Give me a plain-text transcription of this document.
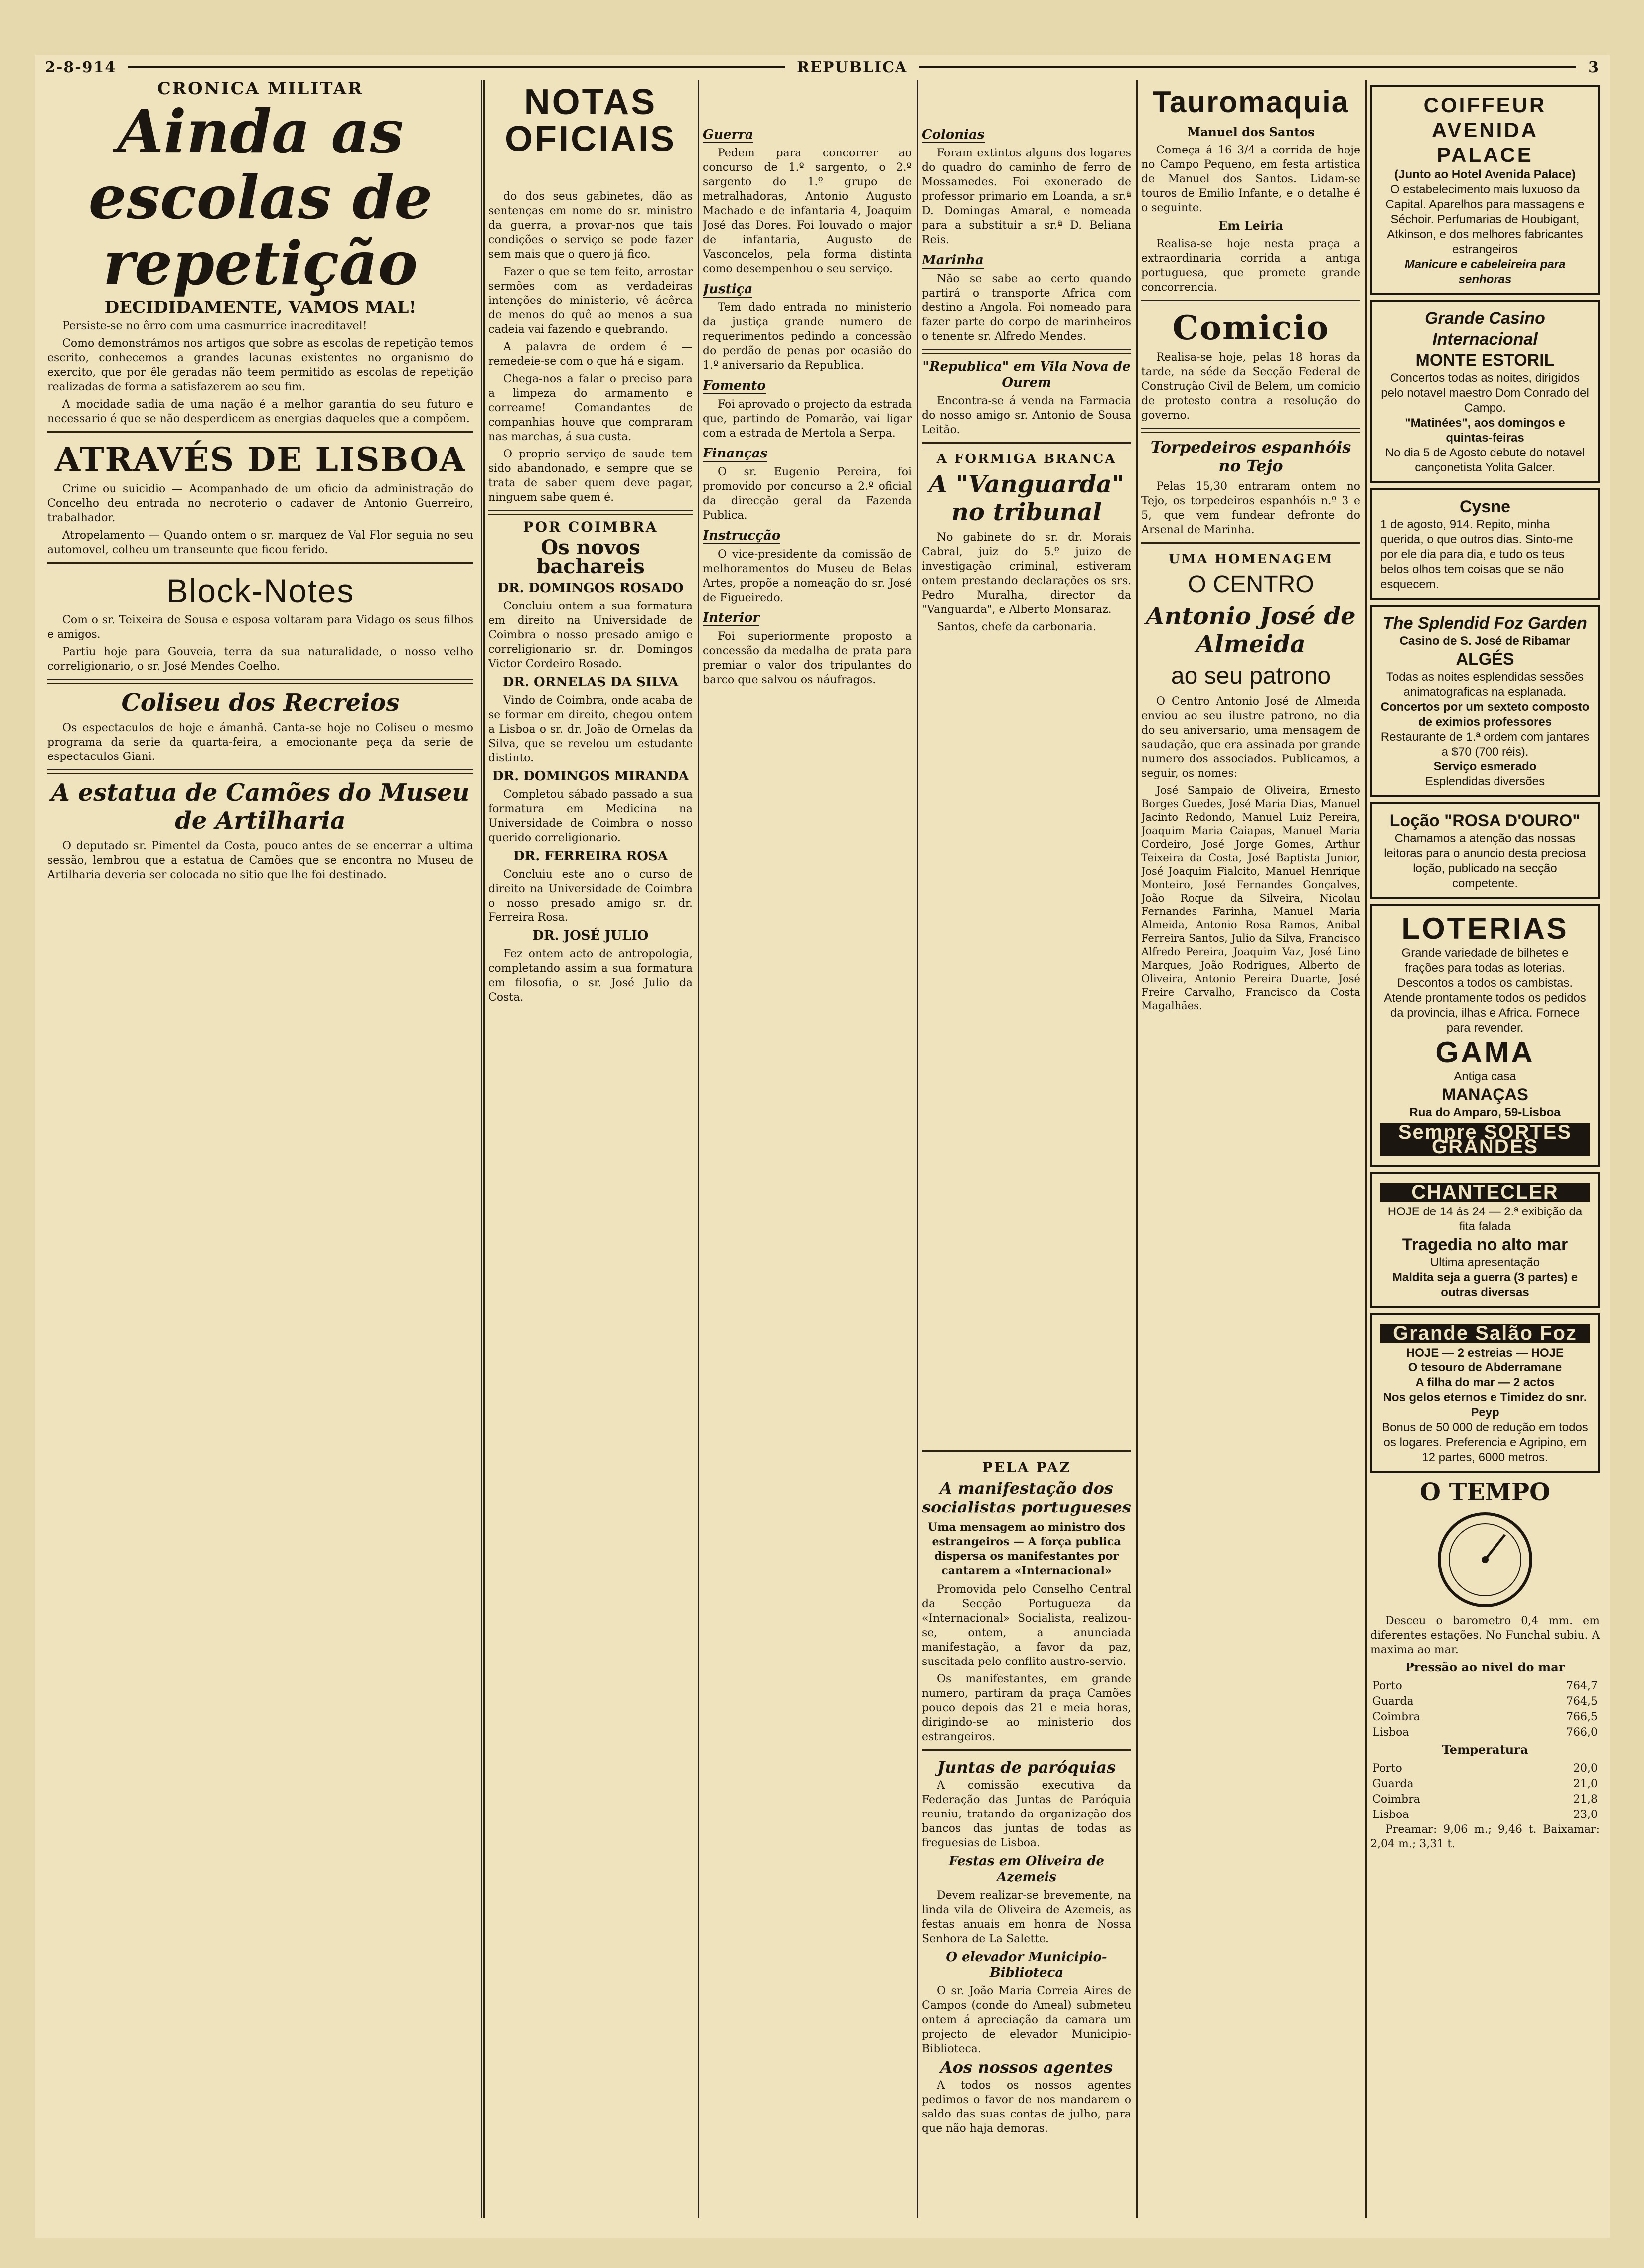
2-8-914	REPUBLICA	3
CRONICA MILITAR
Ainda as escolas de repetição
DECIDIDAMENTE, VAMOS MAL!

Persiste-se no êrro com uma casmurrice inacreditavel!

Como demonstrámos nos artigos que sobre as escolas de repetição temos escrito, conhecemos a grandes lacunas existentes no organismo do exercito, que por êle geradas não teem permitido as escolas de repetição realizadas de forma a satisfazerem ao seu fim.

A mocidade sadia de uma nação é a melhor garantia do seu futuro e necessario é que se não desperdicem as energias daqueles que a compõem.

ATRAVÉS DE LISBOA

Crime ou suicidio — Acompanhado de um oficio da administração do Concelho deu entrada no necroterio o cadaver de Antonio Guerreiro, trabalhador.

Atropelamento — Quando ontem o sr. marquez de Val Flor seguia no seu automovel, colheu um transeunte que ficou ferido.

Block-Notes

Com o sr. Teixeira de Sousa e esposa voltaram para Vidago os seus filhos e amigos.

Partiu hoje para Gouveia, terra da sua naturalidade, o nosso velho correligionario, o sr. José Mendes Coelho.

Coliseu dos Recreios

Os espectaculos de hoje e ámanhã. Canta-se hoje no Coliseu o mesmo programa da serie da quarta-feira, a emocionante peça da serie de espectaculos Giani.

A estatua de Camões do Museu de Artilharia

O deputado sr. Pimentel da Costa, pouco antes de se encerrar a ultima sessão, lembrou que a estatua de Camões que se encontra no Museu de Artilharia deveria ser colocada no sitio que lhe foi destinado.

do dos seus gabinetes, dão as sentenças em nome do sr. ministro da guerra, a provar-nos que tais condições o serviço se pode fazer sem mais que o quero já fico.

Fazer o que se tem feito, arrostar sermões com as verdadeiras intenções do ministerio, vê ácêrca de menos do quê ao menos a sua cadeia vai fazendo e quebrando.

A palavra de ordem é — remedeie-se com o que há e sigam.

Chega-nos a falar o preciso para a limpeza do armamento e correame! Comandantes de companhias houve que compraram nas marchas, á sua custa.

O proprio serviço de saude tem sido abandonado, e sempre que se trata de saber quem deve pagar, ninguem sabe quem é.

POR COIMBRA
Os novos bachareis
DR. DOMINGOS ROSADO

Concluiu ontem a sua formatura em direito na Universidade de Coimbra o nosso presado amigo e correligionario sr. dr. Domingos Victor Cordeiro Rosado.

DR. ORNELAS DA SILVA

Vindo de Coimbra, onde acaba de se formar em direito, chegou ontem a Lisboa o sr. dr. João de Ornelas da Silva, que se revelou um estudante distinto.

DR. DOMINGOS MIRANDA

Completou sábado passado a sua formatura em Medicina na Universidade de Coimbra o nosso querido correligionario.

DR. FERREIRA ROSA

Concluiu este ano o curso de direito na Universidade de Coimbra o nosso presado amigo sr. dr. Ferreira Rosa.

DR. JOSÉ JULIO

Fez ontem acto de antropologia, completando assim a sua formatura em filosofia, o sr. José Julio da Costa.

NOTAS OFICIAIS	Guerra

Pedem para concorrer ao concurso de 1.º sargento, o 2.º sargento do 1.º grupo de metralhadoras, Antonio Augusto Machado e de infantaria 4, Joaquim José das Dores. Foi louvado o major de infantaria, Augusto de Vasconcelos, pela forma distinta como desempenhou o seu serviço.

Justiça

Tem dado entrada no ministerio da justiça grande numero de requerimentos pedindo a concessão do perdão de penas por ocasião do 1.º aniversario da Republica.

Fomento

Foi aprovado o projecto da estrada que, partindo de Pomarão, vai ligar com a estrada de Mertola a Serpa.

Finanças

O sr. Eugenio Pereira, foi promovido por concurso a 2.º oficial da direcção geral da Fazenda Publica.

Instrucção

O vice-presidente da comissão de melhoramentos do Museu de Belas Artes, propõe a nomeação do sr. José de Figueiredo.

Interior

Foi superiormente proposto a concessão da medalha de prata para premiar o valor dos tripulantes do barco que salvou os náufragos.

Colonias

Foram extintos alguns dos logares do quadro do caminho de ferro de Mossamedes. Foi exonerado de professor primario em Loanda, a sr.ª D. Domingas Amaral, e nomeada para a substituir a sr.ª D. Beliana Reis.

Marinha

Não se sabe ao certo quando partirá o transporte Africa com destino a Angola. Foi nomeado para fazer parte do corpo de marinheiros o tenente sr. Alfredo Mendes.

"Republica" em Vila Nova de Ourem

Encontra-se á venda na Farmacia do nosso amigo sr. Antonio de Sousa Leitão.

A FORMIGA BRANCA
A "Vanguarda" no tribunal

No gabinete do sr. dr. Morais Cabral, juiz do 5.º juizo de investigação criminal, estiveram ontem prestando declarações os srs. Pedro Muralha, director da "Vanguarda", e Alberto Monsaraz.

Santos, chefe da carbonaria.

Tauromaquia
Manuel dos Santos

Começa á 16 3/4 a corrida de hoje no Campo Pequeno, em festa artistica de Manuel dos Santos. Lidam-se touros de Emilio Infante, e o detalhe é o seguinte.

Em Leiria

Realisa-se hoje nesta praça a extraordinaria corrida a antiga portuguesa, que promete grande concorrencia.

Comicio

Realisa-se hoje, pelas 18 horas da tarde, na séde da Secção Federal de Construção Civil de Belem, um comicio de protesto contra a resolução do governo.

Torpedeiros espanhóis no Tejo

Pelas 15,30 entraram ontem no Tejo, os torpedeiros espanhóis n.º 3 e 5, que vem fundear defronte do Arsenal de Marinha.

UMA HOMENAGEM
O CENTRO
Antonio José de Almeida
ao seu patrono

O Centro Antonio José de Almeida enviou ao seu ilustre patrono, no dia do seu aniversario, uma mensagem de saudação, que era assinada por grande numero dos associados. Publicamos, a seguir, os nomes:

José Sampaio de Oliveira, Ernesto Borges Guedes, José Maria Dias, Manuel Jacinto Redondo, Manuel Luiz Pereira, Joaquim Maria Caiapas, Manuel Maria Cordeiro, José Jorge Gomes, Arthur Teixeira da Costa, José Baptista Junior, José Joaquim Fialcito, Manuel Henrique Monteiro, José Fernandes Gonçalves, João Roque da Silveira, Nicolau Fernandes Farinha, Manuel Maria Almeida, Antonio Rosa Ramos, Anibal Ferreira Santos, Julio da Silva, Francisco Alfredo Pereira, Joaquim Vaz, José Lino Marques, João Rodrigues, Alberto de Oliveira, Antonio Pereira Duarte, José Freire Carvalho, Francisco da Costa Magalhães.

COIFFEUR AVENIDA PALACE
(Junto ao Hotel Avenida Palace)
O estabelecimento mais luxuoso da Capital. Aparelhos para massagens e Séchoir. Perfumarias de Houbigant, Atkinson, e dos melhores fabricantes estrangeiros
Manicure e cabeleireira para senhoras
Grande Casino
Internacional
MONTE ESTORIL
Concertos todas as noites, dirigidos pelo notavel maestro Dom Conrado del Campo.
"Matinées", aos domingos e quintas-feiras
No dia 5 de Agosto debute do notavel cançonetista Yolita Galcer.
Cysne
1 de agosto, 914. Repito, minha querida, o que outros dias. Sinto-me por ele dia para dia, e tudo os teus belos olhos tem coisas que se não esquecem.
The Splendid Foz Garden
Casino de S. José de Ribamar
ALGÉS
Todas as noites esplendidas sessões animatograficas na esplanada.
Concertos por um sexteto composto de eximios professores
Restaurante de 1.ª ordem com jantares a $70 (700 réis).
Serviço esmerado
Esplendidas diversões
Loção "ROSA D'OURO"
Chamamos a atenção das nossas leitoras para o anuncio desta preciosa loção, publicado na secção competente.
LOTERIAS
Grande variedade de bilhetes e frações para todas as loterias. Descontos a todos os cambistas. Atende prontamente todos os pedidos da provincia, ilhas e Africa. Fornece para revender.
GAMA
Antiga casa
MANAÇAS
Rua do Amparo, 59-Lisboa
Sempre SORTES GRANDES
CHANTECLER
HOJE de 14 ás 24 — 2.ª exibição da fita falada
Tragedia no alto mar
Ultima apresentação
Maldita seja a guerra (3 partes) e outras diversas
Grande Salão Foz
HOJE — 2 estreias — HOJE
O tesouro de Abderramane
A filha do mar — 2 actos
Nos gelos eternos e Timidez do snr. Peyp
Bonus de 50 000 de redução em todos os logares. Preferencia e Agripino, em 12 partes, 6000 metros.
O TEMPO

Desceu o barometro 0,4 mm. em diferentes estações. No Funchal subiu. A maxima ao mar.

Pressão ao nivel do mar
Porto	764,7
Guarda	764,5
Coimbra	766,5
Lisboa	766,0
Temperatura
Porto	20,0
Guarda	21,0
Coimbra	21,8
Lisboa	23,0

Preamar: 9,06 m.; 9,46 t. Baixamar: 2,04 m.; 3,31 t.

PELA PAZ
A manifestação dos socialistas portugueses
Uma mensagem ao ministro dos estrangeiros — A força publica dispersa os manifestantes por cantarem a «Internacional»

Promovida pelo Conselho Central da Secção Portugueza da «Internacional» Socialista, realizou-se, ontem, a anunciada manifestação, a favor da paz, suscitada pelo conflito austro-servio.

Os manifestantes, em grande numero, partiram da praça Camões pouco depois das 21 e meia horas, dirigindo-se ao ministerio dos estrangeiros.

Juntas de paróquias

A comissão executiva da Federação das Juntas de Paróquia reuniu, tratando da organização dos bancos das juntas de todas as freguesias de Lisboa.

Festas em Oliveira de Azemeis

Devem realizar-se brevemente, na linda vila de Oliveira de Azemeis, as festas anuais em honra de Nossa Senhora de La Salette.

O elevador Municipio-Biblioteca

O sr. João Maria Correia Aires de Campos (conde do Ameal) submeteu ontem á apreciação da camara um projecto de elevador Municipio-Biblioteca.

Aos nossos agentes

A todos os nossos agentes pedimos o favor de nos mandarem o saldo das suas contas de julho, para que não haja demoras.
